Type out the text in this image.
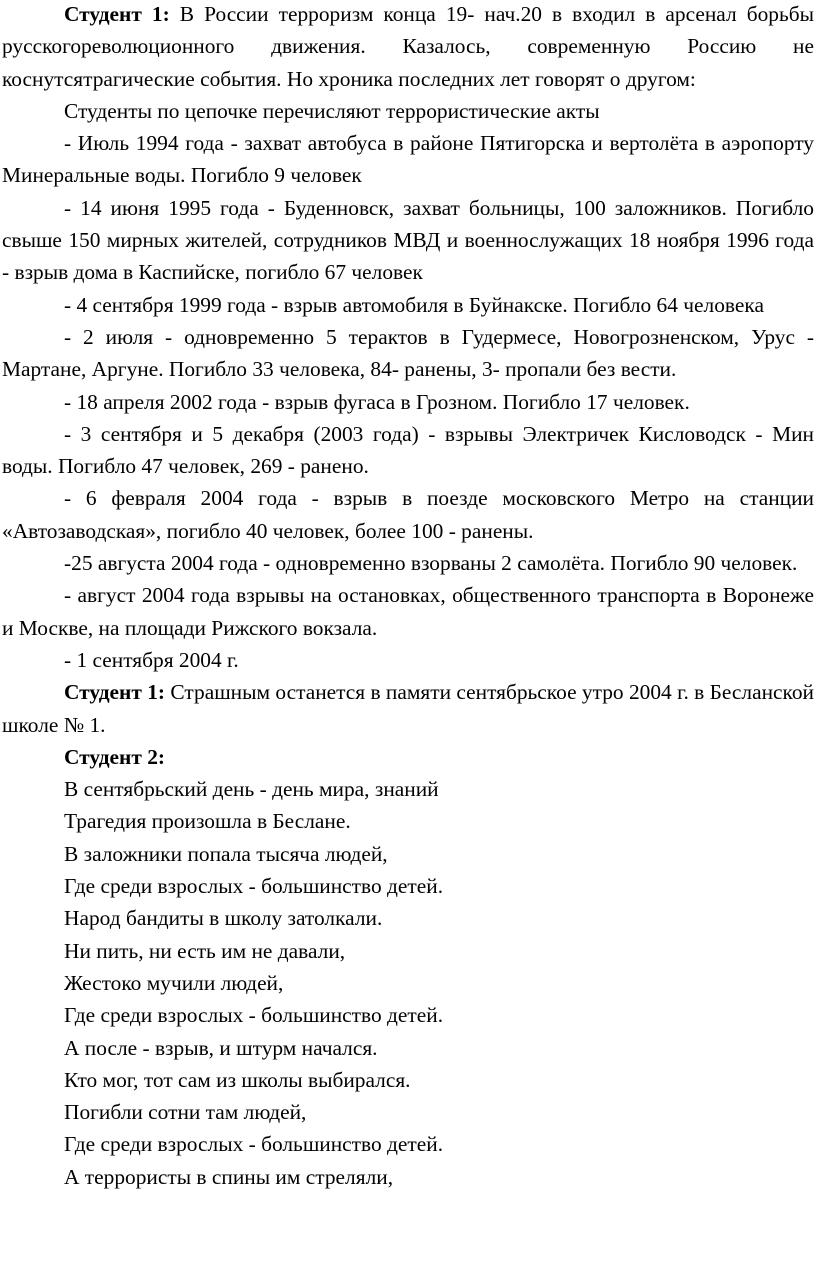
Студент 1: В России терроризм конца 19- нач.20 в входил в арсенал борьбы русскогореволюционного движения. Казалось, современную Россию не коснутсятрагические события. Но хроника последних лет говорят о другом:

Студенты по цепочке перечисляют террористические акты

- Июль 1994 года - захват автобуса в районе Пятигорска и вертолёта в аэропорту Минеральные воды. Погибло 9 человек

- 14 июня 1995 года - Буденновск, захват больницы, 100 заложников. Погибло свыше 150 мирных жителей, сотрудников МВД и военнослужащих 18 ноября 1996 года - взрыв дома в Каспийске, погибло 67 человек

- 4 сентября 1999 года - взрыв автомобиля в Буйнакске. Погибло 64 человека

- 2 июля - одновременно 5 терактов в Гудермесе, Новогрозненском, Урус - Мартане, Аргуне. Погибло 33 человека, 84- ранены, 3- пропали без вести.

- 18 апреля 2002 года - взрыв фугаса в Грозном. Погибло 17 человек.

- 3 сентября и 5 декабря (2003 года) - взрывы Электричек Кисловодск - Мин воды. Погибло 47 человек, 269 - ранено.

- 6 февраля 2004 года - взрыв в поезде московского Метро на станции «Автозаводская», погибло 40 человек, более 100 - ранены.

-25 августа 2004 года - одновременно взорваны 2 самолёта. Погибло 90 человек.

- август 2004 года взрывы на остановках, общественного транспорта в Воронеже и Москве, на площади Рижского вокзала.

- 1 сентября 2004 г.

Студент 1: Страшным останется в памяти сентябрьское утро 2004 г. в Бесланской школе № 1.

Студент 2:

В сентябрьский день - день мира, знаний

Трагедия произошла в Беслане.

В заложники попала тысяча людей,

Где среди взрослых - большинство детей.

Народ бандиты в школу затолкали.

Ни пить, ни есть им не давали,

Жестоко мучили людей,

Где среди взрослых - большинство детей.

А после - взрыв, и штурм начался.

Кто мог, тот сам из школы выбирался.

Погибли сотни там людей,

Где среди взрослых - большинство детей.

А террористы в спины им стреляли,
